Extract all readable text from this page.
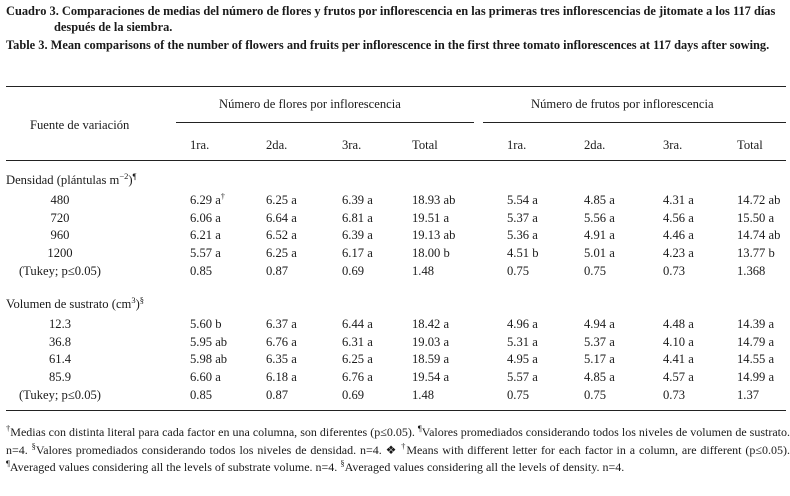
Cuadro 3. Comparaciones de medias del número de flores y frutos por inflorescencia en las primeras tres inflorescencias de jitomate a los 117 días después de la siembra.
Table 3. Mean comparisons of the number of flowers and fruits per inflorescence in the first three tomato inflorescences at 117 days after sowing.
Fuente de variación
Número de flores por inflorescencia	Número de frutos por inflorescencia
1ra.	2da.	3ra.	Total	1ra.	2da.	3ra.	Total
Densidad (plántulas $m^{-2})^\P$
480	6.29 a†	6.25 a	6.39 a	18.93 ab	5.54 a	4.85 a	4.31 a	14.72 ab
720	6.06 a	6.64 a	6.81 a	19.51 a	5.37 a	5.56 a	4.56 a	15.50 a
960	6.21 a	6.52 a	6.39 a	19.13 ab	5.36 a	4.91 a	4.46 a	14.74 ab
1200	5.57 a	6.25 a	6.17 a	18.00 b	4.51 b	5.01 a	4.23 a	13.77 b
(Tukey; p≤0.05)	0.85	0.87	0.69	1.48	0.75	0.75	0.73	1.368
Volumen de sustrato $(cm^3)^\S$
12.3	5.60 b	6.37 a	6.44 a	18.42 a	4.96 a	4.94 a	4.48 a	14.39 a
36.8	5.95 ab	6.76 a	6.31 a	19.03 a	5.31 a	5.37 a	4.10 a	14.79 a
61.4	5.98 ab	6.35 a	6.25 a	18.59 a	4.95 a	5.17 a	4.41 a	14.55 a
85.9	6.60 a	6.18 a	6.76 a	19.54 a	5.57 a	4.85 a	4.57 a	14.99 a
(Tukey; p≤0.05)	0.85	0.87	0.69	1.48	0.75	0.75	0.73	1.37
†Medias con distinta literal para cada factor en una columna, son diferentes (p≤0.05). ¶Valores promediados considerando todos los niveles de volumen de sustrato. n=4. §Valores promediados considerando todos los niveles de densidad. n=4. ❖ †Means with different letter for each factor in a column, are different (p≤0.05). ¶Averaged values considering all the levels of substrate volume. n=4. §Averaged values considering all the levels of density. n=4.
